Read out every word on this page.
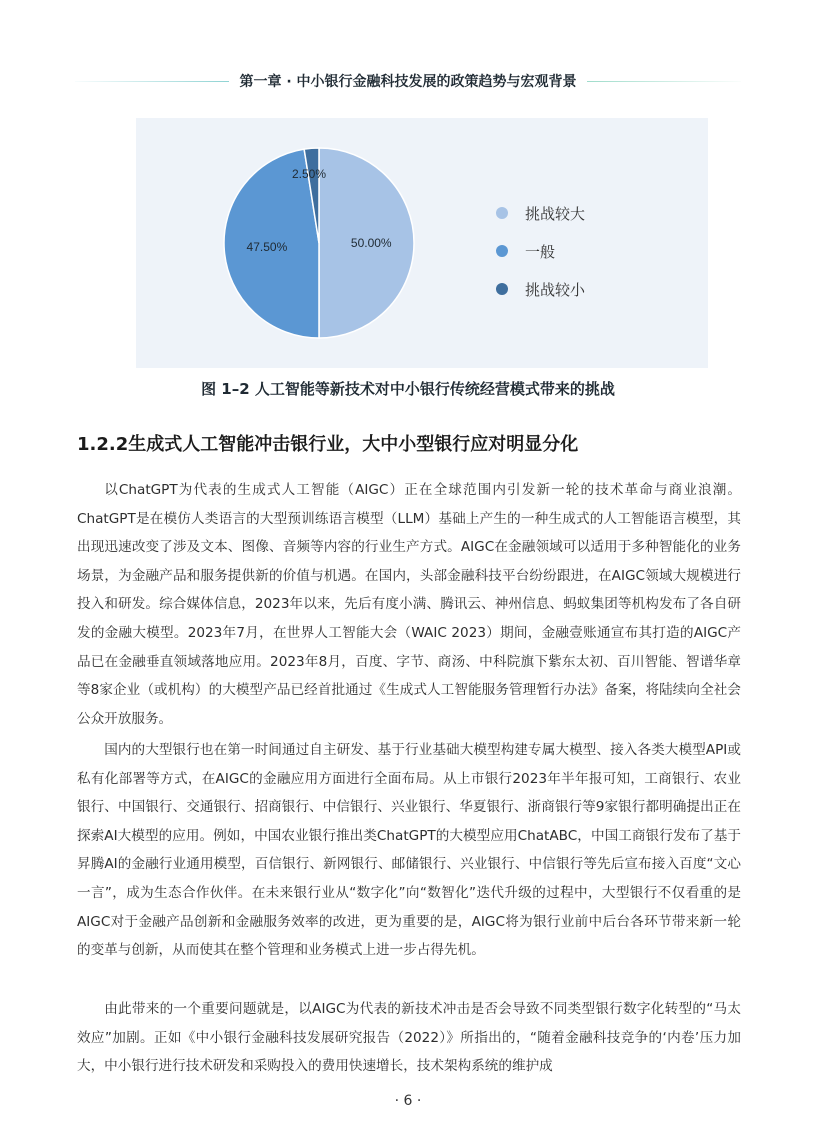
第一章 · 中小银行金融科技发展的政策趋势与宏观背景
50.00%
47.50%
2.50%
挑战较大
一般
挑战较小
图 1–2 人工智能等新技术对中小银行传统经营模式带来的挑战
1.2.2生成式人工智能冲击银行业，大中小型银行应对明显分化

以ChatGPT为代表的生成式人工智能（AIGC）正在全球范围内引发新一轮的技术革命与商业浪潮。ChatGPT是在模仿人类语言的大型预训练语言模型（LLM）基础上产生的一种生成式的人工智能语言模型，其出现迅速改变了涉及文本、图像、音频等内容的行业生产方式。AIGC在金融领域可以适用于多种智能化的业务场景，为金融产品和服务提供新的价值与机遇。在国内，头部金融科技平台纷纷跟进，在AIGC领域大规模进行投入和研发。综合媒体信息，2023年以来，先后有度小满、腾讯云、神州信息、蚂蚁集团等机构发布了各自研发的金融大模型。2023年7月，在世界人工智能大会（WAIC 2023）期间，金融壹账通宣布其打造的AIGC产品已在金融垂直领域落地应用。2023年8月，百度、字节、商汤、中科院旗下紫东太初、百川智能、智谱华章等8家企业（或机构）的大模型产品已经首批通过《生成式人工智能服务管理暂行办法》备案，将陆续向全社会公众开放服务。

国内的大型银行也在第一时间通过自主研发、基于行业基础大模型构建专属大模型、接入各类大模型API或私有化部署等方式，在AIGC的金融应用方面进行全面布局。从上市银行2023年半年报可知，工商银行、农业银行、中国银行、交通银行、招商银行、中信银行、兴业银行、华夏银行、浙商银行等9家银行都明确提出正在探索AI大模型的应用。例如，中国农业银行推出类ChatGPT的大模型应用ChatABC，中国工商银行发布了基于昇腾AI的金融行业通用模型，百信银行、新网银行、邮储银行、兴业银行、中信银行等先后宣布接入百度“文心一言”，成为生态合作伙伴。在未来银行业从“数字化”向“数智化”迭代升级的过程中，大型银行不仅看重的是AIGC对于金融产品创新和金融服务效率的改进，更为重要的是，AIGC将为银行业前中后台各环节带来新一轮的变革与创新，从而使其在整个管理和业务模式上进一步占得先机。

由此带来的一个重要问题就是，以AIGC为代表的新技术冲击是否会导致不同类型银行数字化转型的“马太效应”加剧。正如《中小银行金融科技发展研究报告（2022）》所指出的，“随着金融科技竞争的‘内卷’压力加大，中小银行进行技术研发和采购投入的费用快速增长，技术架构系统的维护成

· 6 ·
